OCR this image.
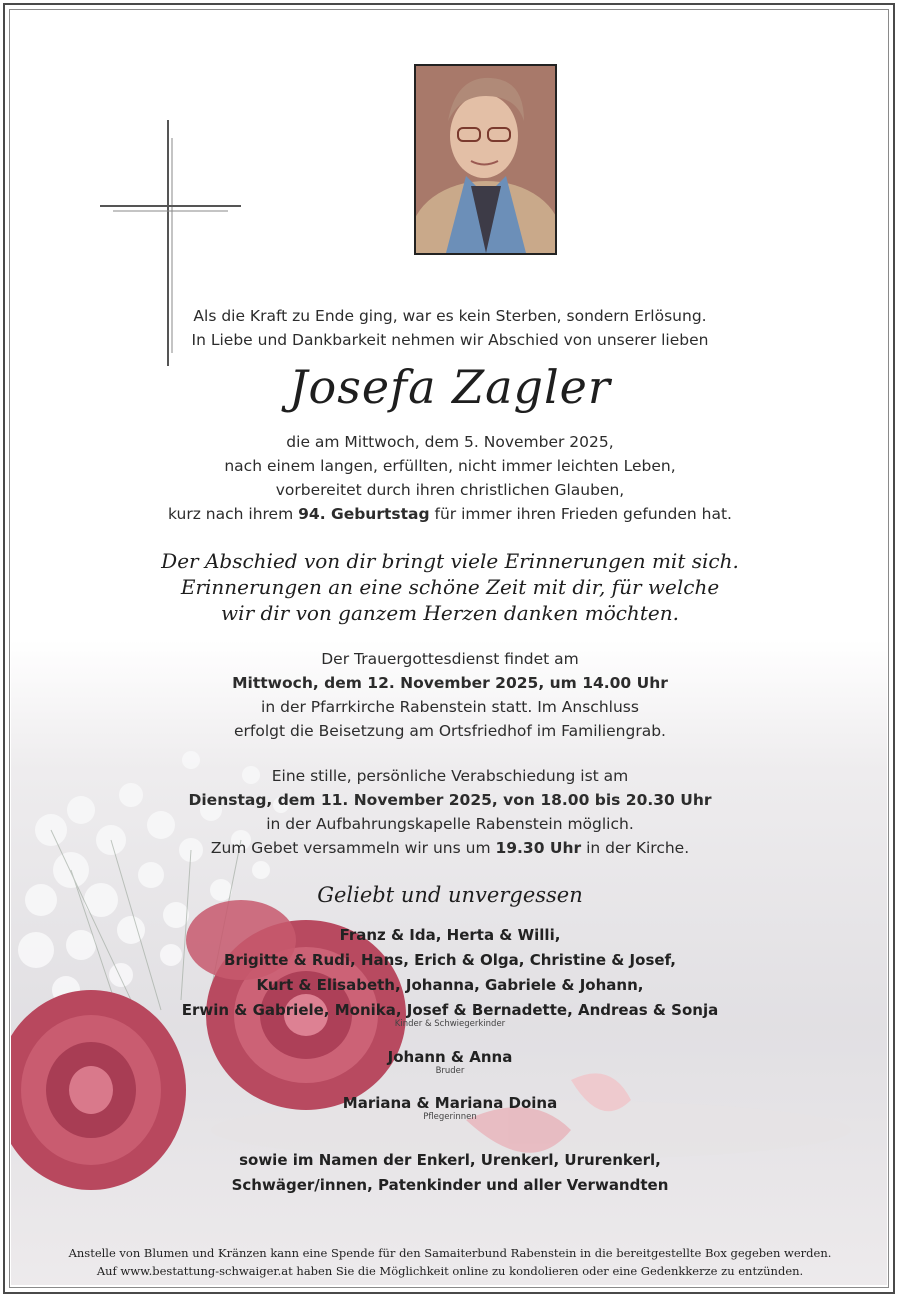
Als die Kraft zu Ende ging, war es kein Sterben, sondern Erlösung.
In Liebe und Dankbarkeit nehmen wir Abschied von unserer lieben
Josefa Zagler
die am Mittwoch, dem 5. November 2025,
nach einem langen, erfüllten, nicht immer leichten Leben,
vorbereitet durch ihren christlichen Glauben,
kurz nach ihrem 94. Geburtstag für immer ihren Frieden gefunden hat.
Der Abschied von dir bringt viele Erinnerungen mit sich.
Erinnerungen an eine schöne Zeit mit dir, für welche
wir dir von ganzem Herzen danken möchten.
Der Trauergottesdienst findet am
Mittwoch, dem 12. November 2025, um 14.00 Uhr
in der Pfarrkirche Rabenstein statt. Im Anschluss
erfolgt die Beisetzung am Ortsfriedhof im Familiengrab.
Eine stille, persönliche Verabschiedung ist am
Dienstag, dem 11. November 2025, von 18.00 bis 20.30 Uhr
in der Aufbahrungskapelle Rabenstein möglich.
Zum Gebet versammeln wir uns um 19.30 Uhr in der Kirche.
Geliebt und unvergessen
Franz & Ida, Herta & Willi,
Brigitte & Rudi, Hans, Erich & Olga, Christine & Josef,
Kurt & Elisabeth, Johanna, Gabriele & Johann,
Erwin & Gabriele, Monika, Josef & Bernadette, Andreas & Sonja
Kinder & Schwiegerkinder
Johann & Anna
Bruder
Mariana & Mariana Doina
Pflegerinnen
sowie im Namen der Enkerl, Urenkerl, Ururenkerl,
Schwäger/innen, Patenkinder und aller Verwandten
Anstelle von Blumen und Kränzen kann eine Spende für den Samaiterbund Rabenstein in die bereitgestellte Box gegeben werden.
Auf www.bestattung-schwaiger.at haben Sie die Möglichkeit online zu kondolieren oder eine Gedenkkerze zu entzünden.
